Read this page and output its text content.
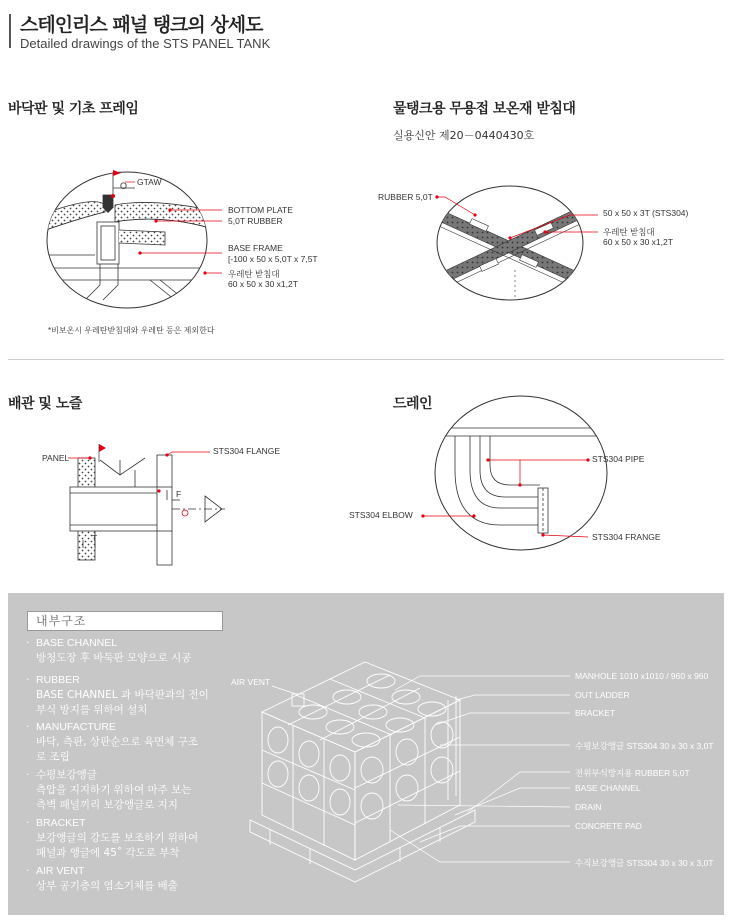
스테인리스 패널 탱크의 상세도
Detailed drawings of the STS PANEL TANK
바닥판 및 기초 프레임	물탱크용 무용접 보온재 받침대
실용신안 제20－0440430호
배관 및 노즐	드레인
GTAW
O
BOTTOM PLATE
5,0T RUBBER
BASE FRAME
[-100 x 50 x 5,0T x 7,5T
우레탄 받침대
60 x 50 x 30 x1,2T
*비보온시 우레탄받침대와 우레탄 등은 제외한다
RUBBER 5,0T
50 x 50 x 3T (STS304)
우레탄 받침대
60 x 50 x 30 x1,2T
PANEL
STS304 FLANGE
F
T
STS304 PIPE
STS304 ELBOW
STS304 FRANGE
내부구조
· BASE CHANNEL
방청도장 후 바둑판 모양으로 시공
· RUBBER
BASE CHANNEL 과 바닥판과의 전이
부식 방지를 위하여 설치
· MANUFACTURE
바닥, 측판, 상판순으로 육면체 구조
로 조립
· 수평보강앵글
측압을 지지하기 위하여 마주 보는
측벽 패널끼리 보강앵글로 지지
· BRACKET
보강앵글의 강도를 보조하기 위하여
패널과 앵글에 45˚ 각도로 부착
· AIR VENT
상부 공기층의 염소기체를 배출
AIR VENT
MANHOLE 1010 x1010 / 960 x 960
OUT LADDER
BRACKET
수평보강앵글 STS304 30 x 30 x 3,0T
전위부식방지용 RUBBER 5,0T
BASE CHANNEL
DRAIN
CONCRETE PAD
수직보강앵글 STS304 30 x 30 x 3,0T
